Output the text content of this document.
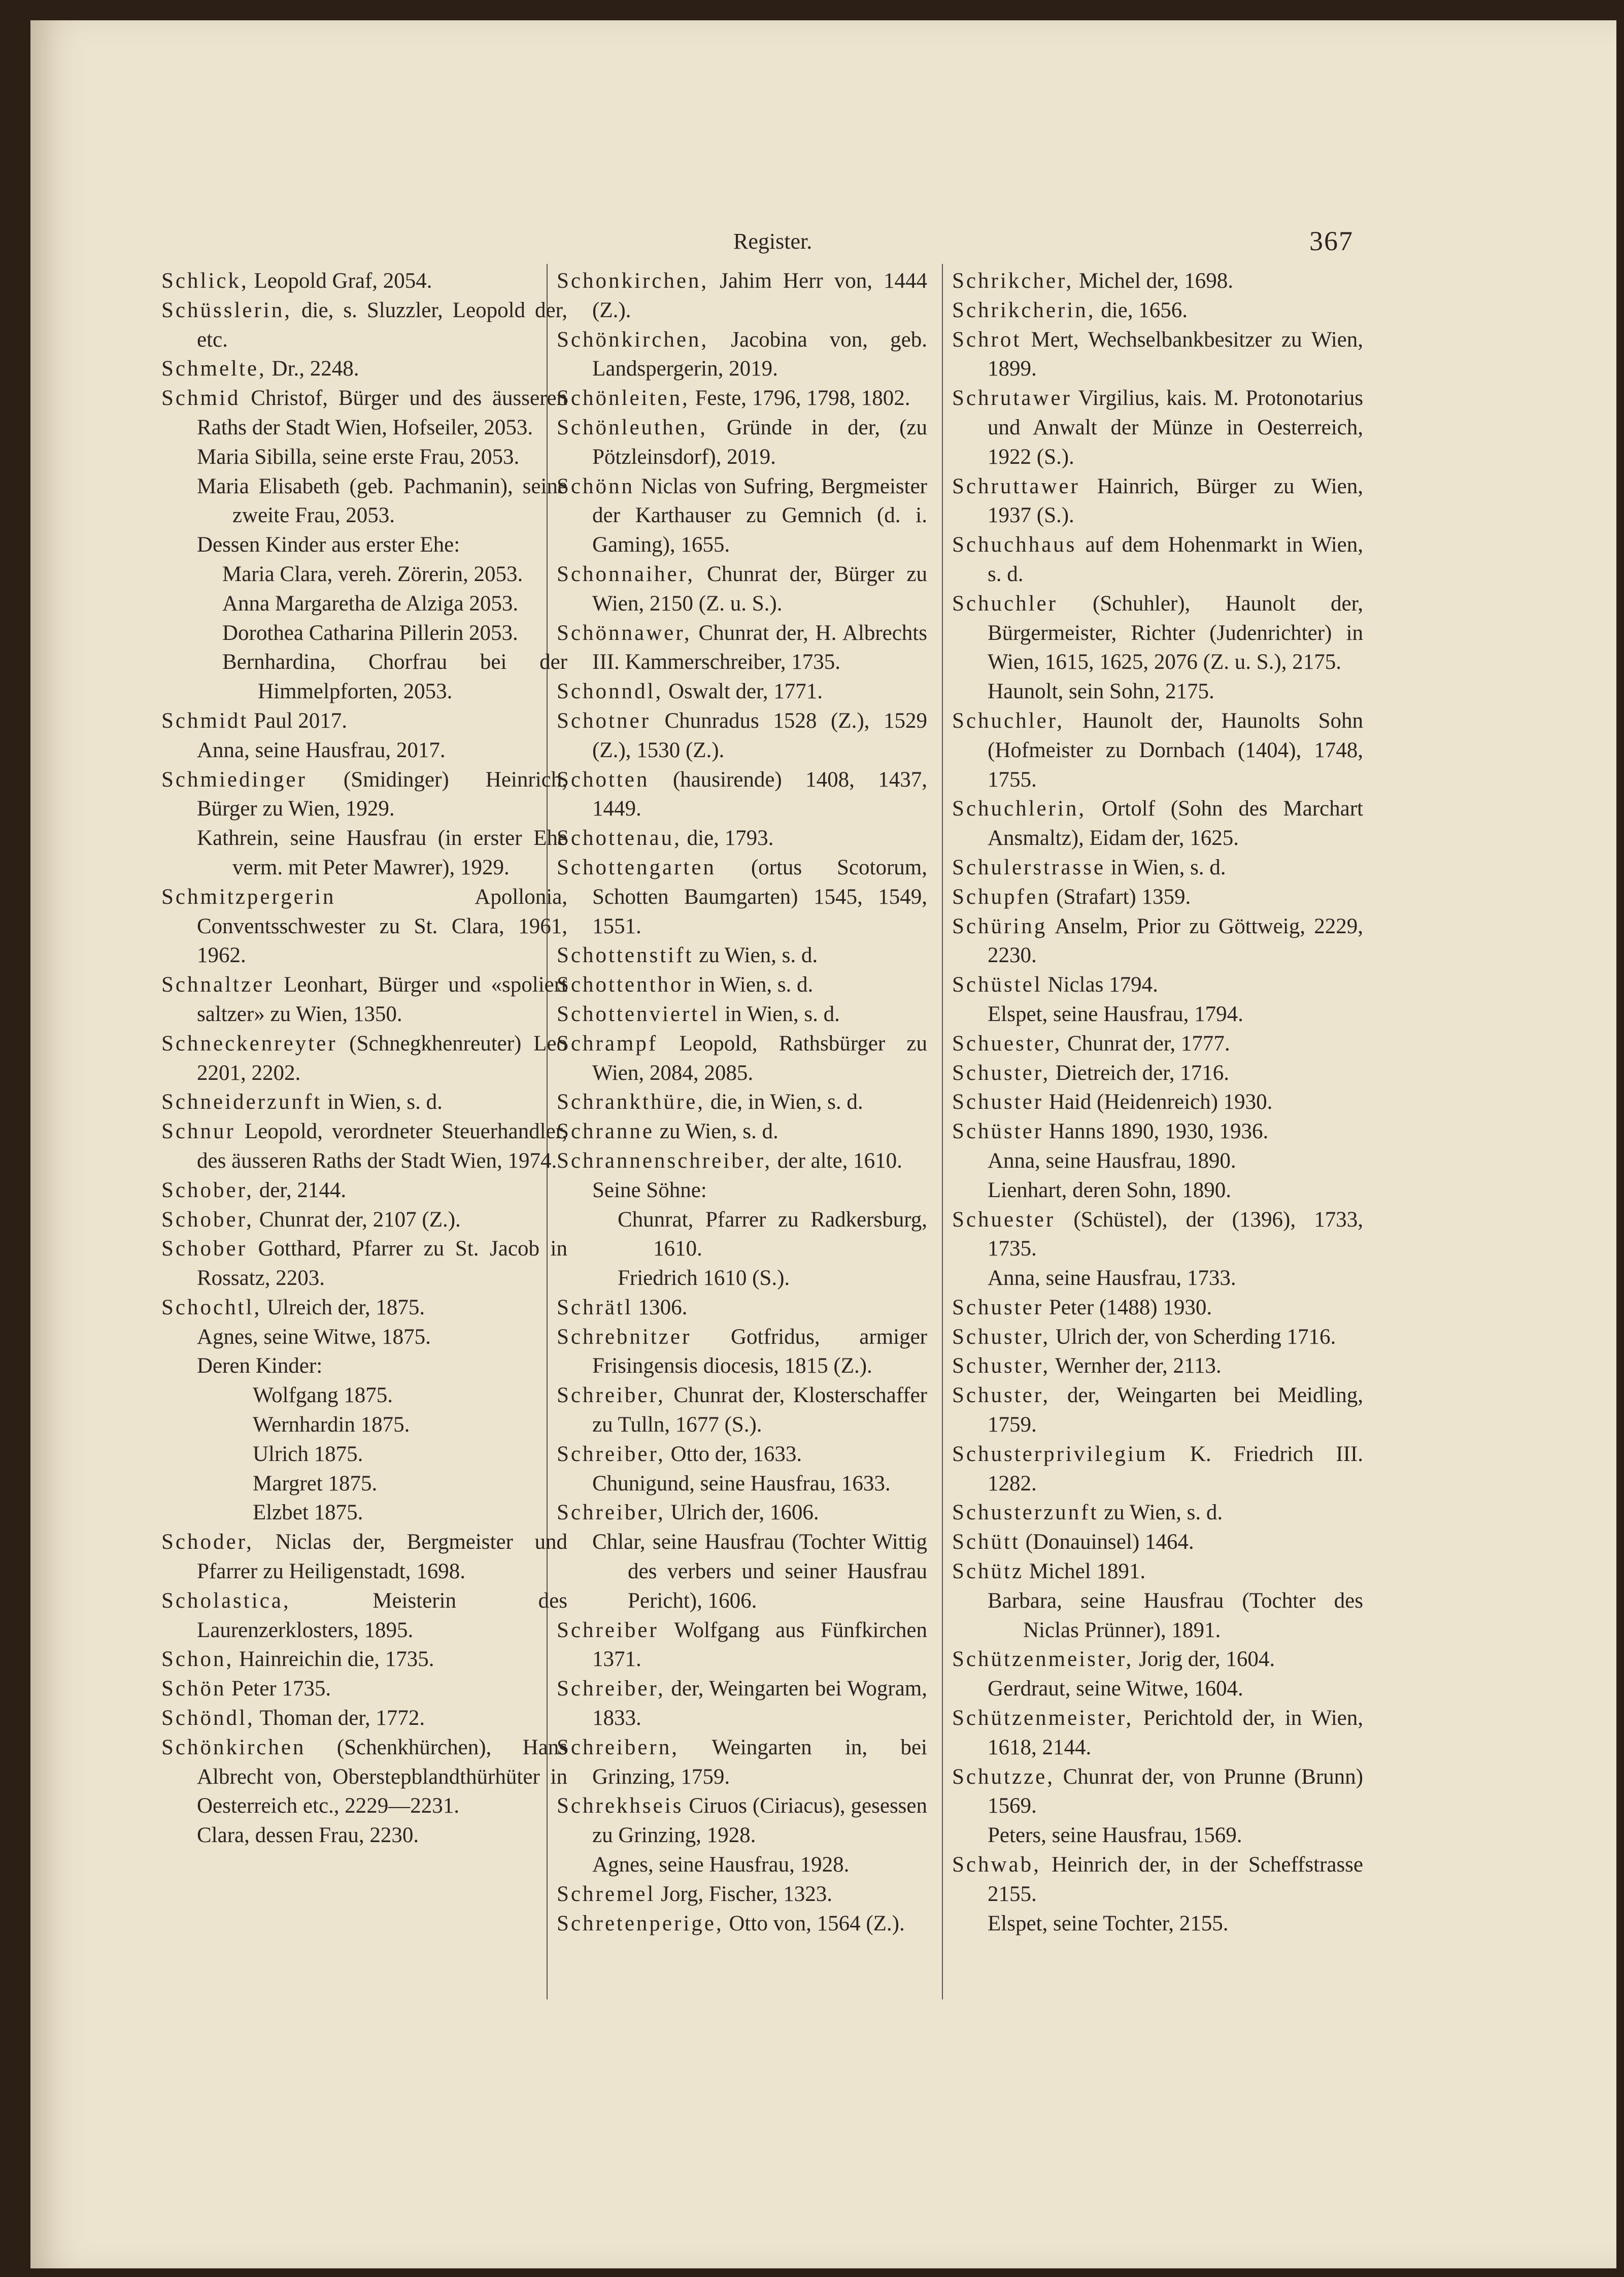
Register.	367

Schlick, Leopold Graf, 2054.

Schüsslerin, die, s. Sluzzler, Leopold der, etc.

Schmelte, Dr., 2248.

Schmid Christof, Bürger und des äusseren Raths der Stadt Wien, Hofseiler, 2053.

Maria Sibilla, seine erste Frau, 2053.

Maria Elisabeth (geb. Pachmanin), seine zweite Frau, 2053.

Dessen Kinder aus erster Ehe:

Maria Clara, vereh. Zörerin, 2053.

Anna Margaretha de Alziga 2053.

Dorothea Catharina Pillerin 2053.

Bernhardina, Chorfrau bei der Himmelpforten, 2053.

Schmidt Paul 2017.

Anna, seine Hausfrau, 2017.

Schmiedinger (Smidinger) Heinrich, Bürger zu Wien, 1929.

Kathrein, seine Hausfrau (in erster Ehe verm. mit Peter Mawrer), 1929.

Schmitzpergerin Apollonia, Conventsschwester zu St. Clara, 1961, 1962.

Schnaltzer Leonhart, Bürger und «spoliert saltzer» zu Wien, 1350.

Schneckenreyter (Schnegkhenreuter) Leo 2201, 2202.

Schneiderzunft in Wien, s. d.

Schnur Leopold, verordneter Steuerhandler, des äusseren Raths der Stadt Wien, 1974.

Schober, der, 2144.

Schober, Chunrat der, 2107 (Z.).

Schober Gotthard, Pfarrer zu St. Jacob in Rossatz, 2203.

Schochtl, Ulreich der, 1875.

Agnes, seine Witwe, 1875.

Deren Kinder:

Wolfgang 1875.

Wernhardin 1875.

Ulrich 1875.

Margret 1875.

Elzbet 1875.

Schoder, Niclas der, Bergmeister und Pfarrer zu Heiligenstadt, 1698.

Scholastica, Meisterin des Laurenzerklosters, 1895.

Schon, Hainreichin die, 1735.

Schön Peter 1735.

Schöndl, Thoman der, 1772.

Schönkirchen (Schenkhürchen), Hans Albrecht von, Oberstерblandthürhüter in Oesterreich etc., 2229—2231.

Clara, dessen Frau, 2230.

Schonkirchen, Jahim Herr von, 1444 (Z.).

Schönkirchen, Jacobina von, geb. Landspergerin, 2019.

Schönleiten, Feste, 1796, 1798, 1802.

Schönleuthen, Gründe in der, (zu Pötzleinsdorf), 2019.

Schönn Niclas von Sufring, Bergmeister der Karthauser zu Gemnich (d. i. Gaming), 1655.

Schonnaiher, Chunrat der, Bürger zu Wien, 2150 (Z. u. S.).

Schönnawer, Chunrat der, H. Albrechts III. Kammerschreiber, 1735.

Schonndl, Oswalt der, 1771.

Schotner Chunradus 1528 (Z.), 1529 (Z.), 1530 (Z.).

Schotten (hausirende) 1408, 1437, 1449.

Schottenau, die, 1793.

Schottengarten (ortus Scotorum, Schotten Baumgarten) 1545, 1549, 1551.

Schottenstift zu Wien, s. d.

Schottenthor in Wien, s. d.

Schottenviertel in Wien, s. d.

Schrampf Leopold, Rathsbürger zu Wien, 2084, 2085.

Schrankthüre, die, in Wien, s. d.

Schranne zu Wien, s. d.

Schrannenschreiber, der alte, 1610.

Seine Söhne:

Chunrat, Pfarrer zu Radkersburg, 1610.

Friedrich 1610 (S.).

Schrätl 1306.

Schrebnitzer Gotfridus, armiger Frisingensis diocesis, 1815 (Z.).

Schreiber, Chunrat der, Klosterschaffer zu Tulln, 1677 (S.).

Schreiber, Otto der, 1633.

Chunigund, seine Hausfrau, 1633.

Schreiber, Ulrich der, 1606.

Chlar, seine Hausfrau (Tochter Wittig des verbers und seiner Hausfrau Pericht), 1606.

Schreiber Wolfgang aus Fünfkirchen 1371.

Schreiber, der, Weingarten bei Wogram, 1833.

Schreibern, Weingarten in, bei Grinzing, 1759.

Schrekhseis Ciruos (Ciriacus), gesessen zu Grinzing, 1928.

Agnes, seine Hausfrau, 1928.

Schremel Jorg, Fischer, 1323.

Schretenperige, Otto von, 1564 (Z.).

Schrikcher, Michel der, 1698.

Schrikcherin, die, 1656.

Schrot Mert, Wechselbankbesitzer zu Wien, 1899.

Schrutawer Virgilius, kais. M. Protonotarius und Anwalt der Münze in Oesterreich, 1922 (S.).

Schruttawer Hainrich, Bürger zu Wien, 1937 (S.).

Schuchhaus auf dem Hohenmarkt in Wien, s. d.

Schuchler (Schuhler), Haunolt der, Bürgermeister, Richter (Judenrichter) in Wien, 1615, 1625, 2076 (Z. u. S.), 2175.

Haunolt, sein Sohn, 2175.

Schuchler, Haunolt der, Haunolts Sohn (Hofmeister zu Dornbach (1404), 1748, 1755.

Schuchlerin, Ortolf (Sohn des Marchart Ansmaltz), Eidam der, 1625.

Schulerstrasse in Wien, s. d.

Schupfen (Strafart) 1359.

Schüring Anselm, Prior zu Göttweig, 2229, 2230.

Schüstel Niclas 1794.

Elspet, seine Hausfrau, 1794.

Schuester, Chunrat der, 1777.

Schuster, Dietreich der, 1716.

Schuster Haid (Heidenreich) 1930.

Schüster Hanns 1890, 1930, 1936.

Anna, seine Hausfrau, 1890.

Lienhart, deren Sohn, 1890.

Schuester (Schüstel), der (1396), 1733, 1735.

Anna, seine Hausfrau, 1733.

Schuster Peter (1488) 1930.

Schuster, Ulrich der, von Scherding 1716.

Schuster, Wernher der, 2113.

Schuster, der, Weingarten bei Meidling, 1759.

Schusterprivilegium K. Friedrich III. 1282.

Schusterzunft zu Wien, s. d.

Schütt (Donauinsel) 1464.

Schütz Michel 1891.

Barbara, seine Hausfrau (Tochter des Niclas Prünner), 1891.

Schützenmeister, Jorig der, 1604.

Gerdraut, seine Witwe, 1604.

Schützenmeister, Perichtold der, in Wien, 1618, 2144.

Schutzze, Chunrat der, von Prunne (Brunn) 1569.

Peters, seine Hausfrau, 1569.

Schwab, Heinrich der, in der Scheffstrasse 2155.

Elspet, seine Tochter, 2155.
